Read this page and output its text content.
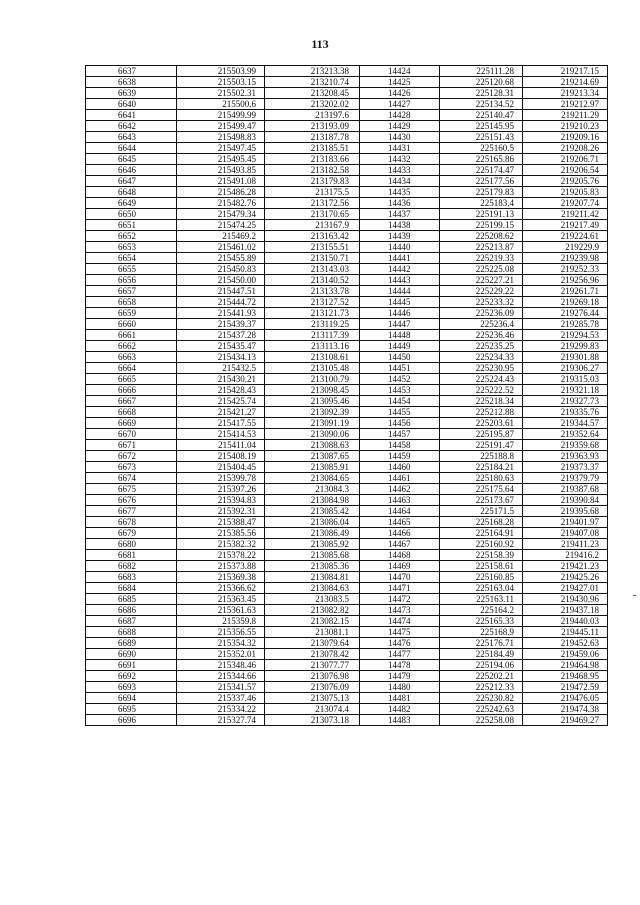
113
6637	215503.99	213213.38	14424	225111.28	219217.15
6638	215503.15	213210.74	14425	225120.68	219214.69
6639	215502.31	213208.45	14426	225128.31	219213.34
6640	215500.6	213202.02	14427	225134.52	219212.97
6641	215499.99	213197.6	14428	225140.47	219211.29
6642	215499.47	213193.09	14429	225145.95	219210.23
6643	215498.83	213187.78	14430	225151.43	219209.16
6644	215497.45	213185.51	14431	225160.5	219208.26
6645	215495.45	213183.66	14432	225165.86	219206.71
6646	215493.85	213182.58	14433	225174.47	219206.54
6647	215491.08	213179.83	14434	225177.56	219205.76
6648	215486.28	213175.5	14435	225179.83	219205.83
6649	215482.76	213172.56	14436	225183.4	219207.74
6650	215479.34	213170.65	14437	225191.13	219211.42
6651	215474.25	213167.9	14438	225199.15	219217.49
6652	215469.2	213163.42	14439	225208.62	219224.61
6653	215461.02	213155.51	14440	225213.87	219229.9
6654	215455.89	213150.71	14441	225219.33	219239.98
6655	215450.83	213143.03	14442	225225.08	219252.33
6656	215450.00	213140.52	14443	225227.21	219256.96
6657	215447.51	213133.78	14444	225229.22	219261.71
6658	215444.72	213127.52	14445	225233.32	219269.18
6659	215441.93	213121.73	14446	225236.09	219276.44
6660	215439.37	213119.25	14447	225236.4	219285.78
6661	215437.28	213117.39	14448	225236.46	219294.53
6662	215435.47	213113.16	14449	225235.25	219299.83
6663	215434.13	213108.61	14450	225234.33	219301.88
6664	215432.5	213105.48	14451	225230.95	219306.27
6665	215430.21	213100.79	14452	225224.43	219315.03
6666	215428.43	213098.45	14453	225222.52	219321.18
6667	215425.74	213095.46	14454	225218.34	219327.73
6668	215421.27	213092.39	14455	225212.88	219335.76
6669	215417.55	213091.19	14456	225203.61	219344.57
6670	215414.53	213090.06	14457	225195.87	219352.64
6671	215411.04	213088.63	14458	225191.47	219359.68
6672	215408.19	213087.65	14459	225188.8	219363.93
6673	215404.45	213085.91	14460	225184.21	219373.37
6674	215399.78	213084.65	14461	225180.63	219379.79
6675	215397.26	213084.3	14462	225175.64	219387.68
6676	215394.83	213084.98	14463	225173.67	219390.84
6677	215392.31	213085.42	14464	225171.5	219395.68
6678	215388.47	213086.04	14465	225168.28	219401.97
6679	215385.56	213086.49	14466	225164.91	219407.08
6680	215382.32	213085.92	14467	225160.92	219411.23
6681	215378.22	213085.68	14468	225158.39	219416.2
6682	215373.88	213085.36	14469	225158.61	219421.23
6683	215369.38	213084.81	14470	225160.85	219425.26
6684	215366.62	213084.63	14471	225163.04	219427.01
6685	215363.45	213083.5	14472	225163.11	219430.96
6686	215361.63	213082.82	14473	225164.2	219437.18
6687	215359.8	213082.15	14474	225165.33	219440.03
6688	215356.55	213081.1	14475	225168.9	219445.11
6689	215354.32	213079.64	14476	225176.71	219452.63
6690	215352.01	213078.42	14477	225184.49	219459.06
6691	215348.46	213077.77	14478	225194.06	219464.98
6692	215344.66	213076.98	14479	225202.21	219468.95
6693	215341.57	213076.09	14480	225212.33	219472.59
6694	215337.46	213075.13	14481	225230.82	219476.05
6695	215334.22	213074.4	14482	225242.63	219474.38
6696	215327.74	213073.18	14483	225258.08	219469.27
